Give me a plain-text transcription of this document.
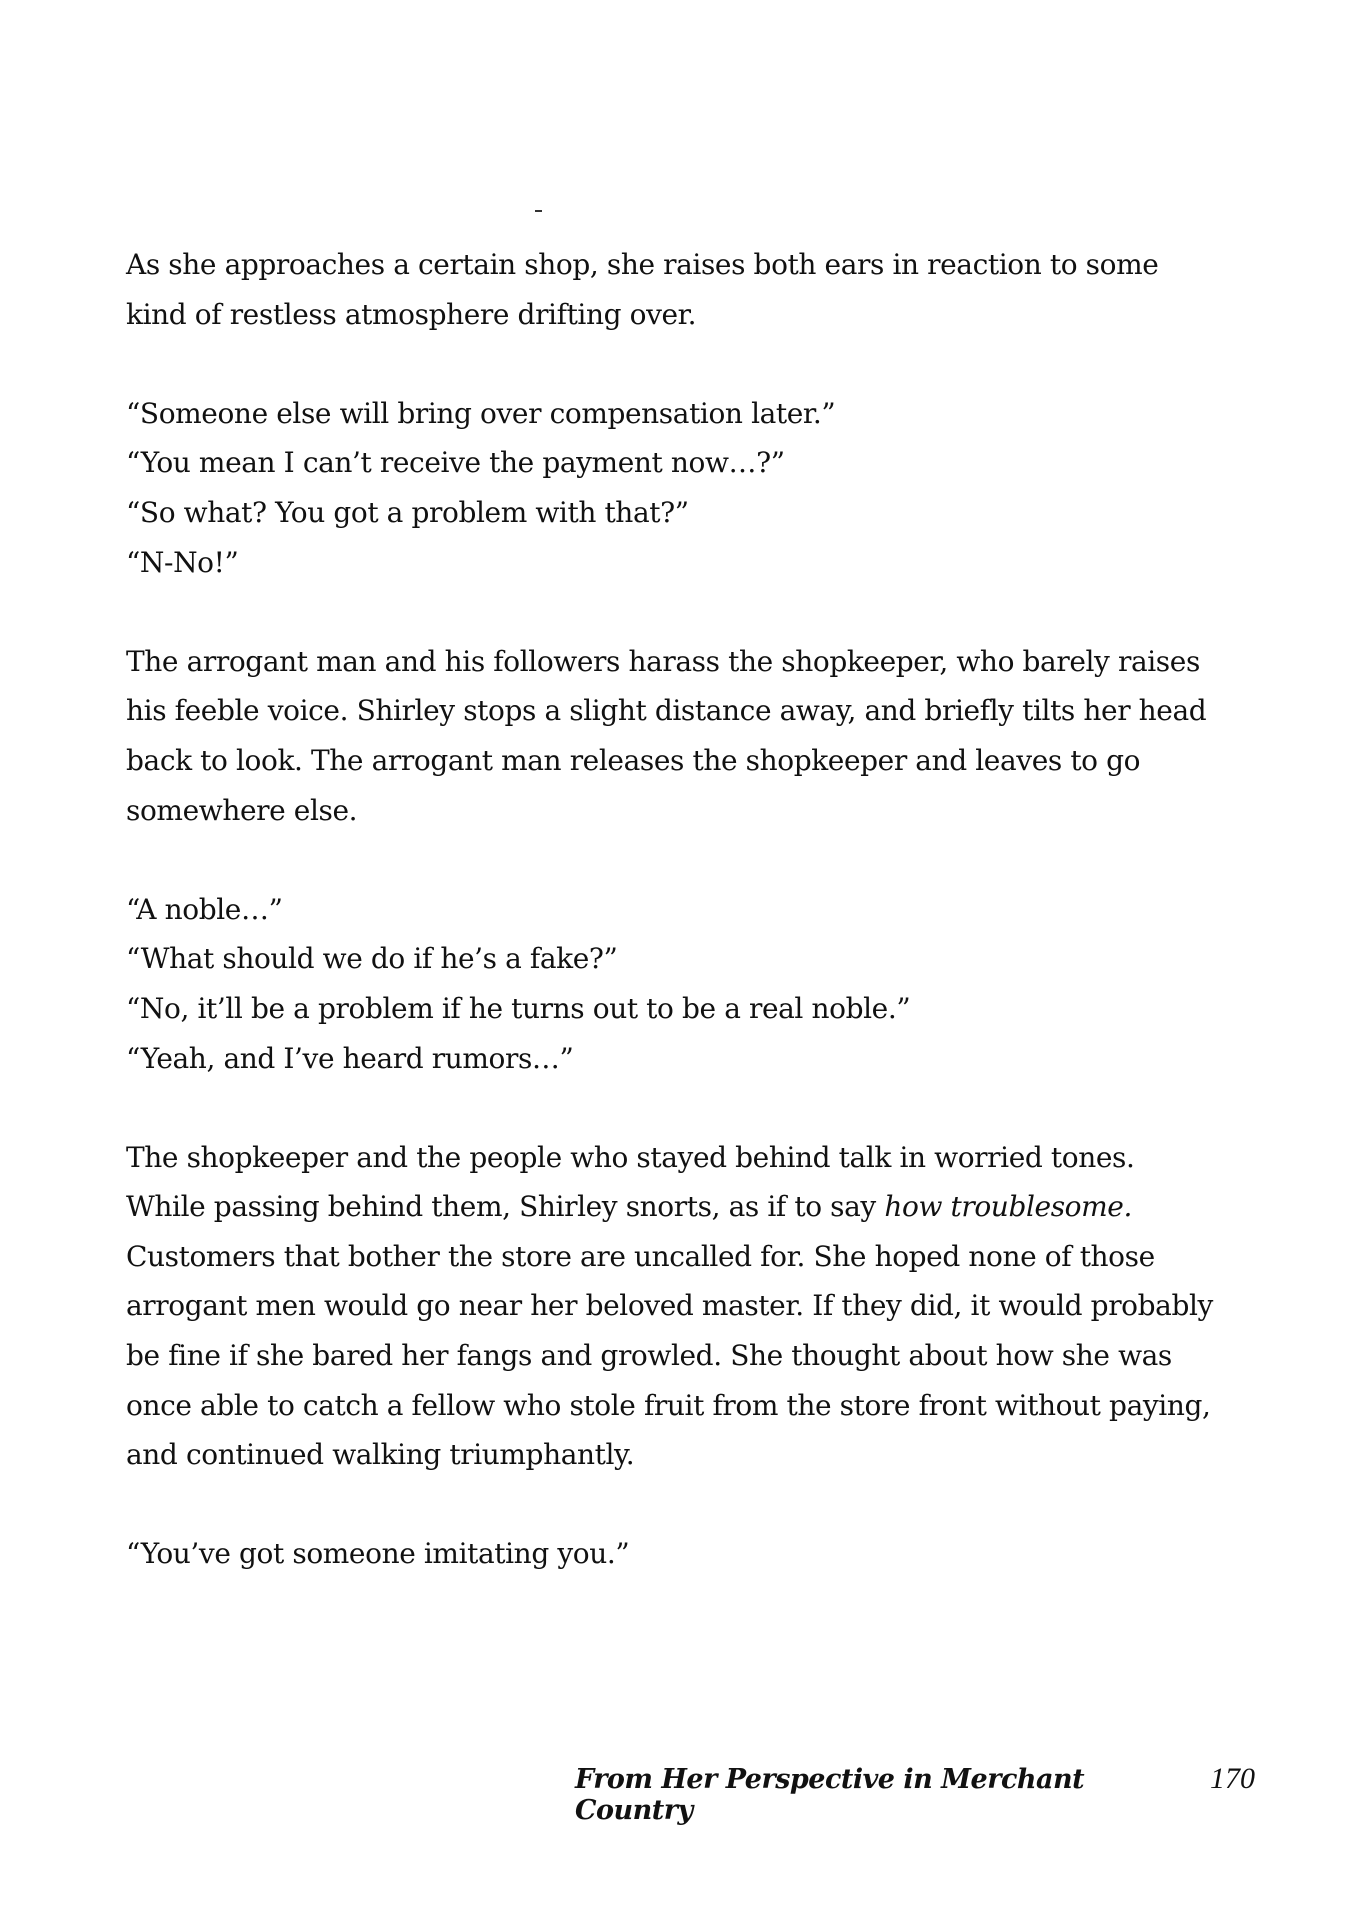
As she approaches a certain shop, she raises both ears in reaction to some
kind of restless atmosphere drifting over.
“Someone else will bring over compensation later.”
“You mean I can’t receive the payment now…?”
“So what? You got a problem with that?”
“N-No!”
The arrogant man and his followers harass the shopkeeper, who barely raises
his feeble voice. Shirley stops a slight distance away, and briefly tilts her head
back to look. The arrogant man releases the shopkeeper and leaves to go
somewhere else.
“A noble…”
“What should we do if he’s a fake?”
“No, it’ll be a problem if he turns out to be a real noble.”
“Yeah, and I’ve heard rumors…”
The shopkeeper and the people who stayed behind talk in worried tones.
While passing behind them, Shirley snorts, as if to say how troublesome.
Customers that bother the store are uncalled for. She hoped none of those
arrogant men would go near her beloved master. If they did, it would probably
be fine if she bared her fangs and growled. She thought about how she was
once able to catch a fellow who stole fruit from the store front without paying,
and continued walking triumphantly.
“You’ve got someone imitating you.”
From Her Perspective in Merchant Country
170
